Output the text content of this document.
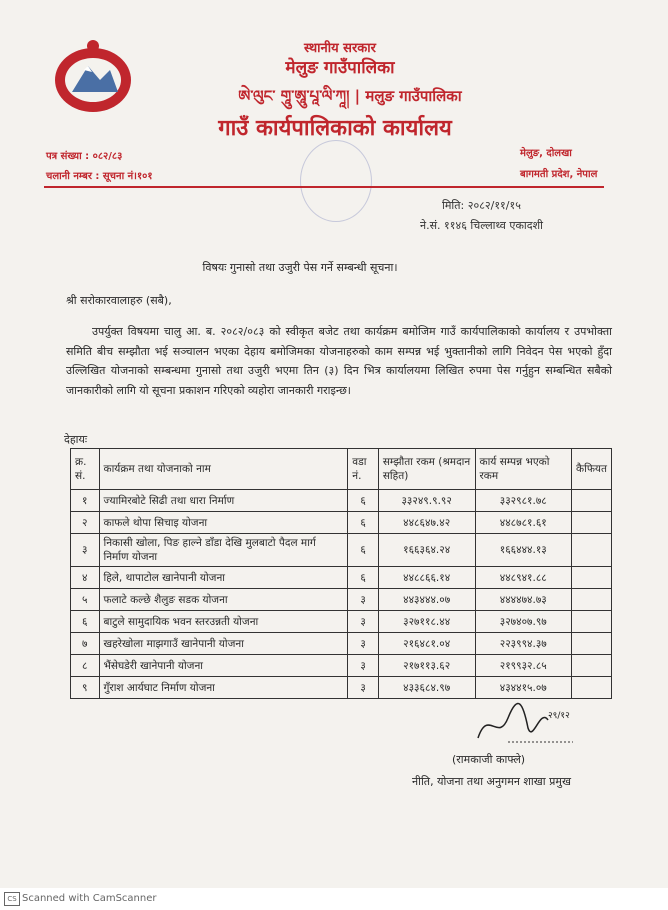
स्थानीय सरकार
मेलुङ गाउँपालिका
ཨེ་ལུང་ གཱུ་ཨཱུ་པཱ་ལི་ཀཱ། | मलुङ गाउँपालिका
गाउँ कार्यपालिकाको कार्यालय
पत्र संख्या : ०८२/८३
चलानी नम्बर : सूचना नं।१०१
मेलुङ, दोलखा
बागमती प्रदेश, नेपाल
मिति: २०८२/११/१५
ने.सं. ११४६ चिल्लाथ्व एकादशी
विषयः गुनासो तथा उजुरी पेस गर्ने सम्बन्धी सूचना।
श्री सरोकारवालाहरु (सबै),
उपर्युक्त विषयमा चालु आ. ब. २०८२/०८३ को स्वीकृत बजेट तथा कार्यक्रम बमोजिम गाउँ कार्यपालिकाको कार्यालय र उपभोक्ता समिति बीच सम्झौता भई सञ्चालन भएका देहाय बमोजिमका योजनाहरुको काम सम्पन्न भई भुक्तानीको लागि निवेदन पेस भएको हुँदा उल्लिखित योजनाको सम्बन्धमा गुनासो तथा उजुरी भएमा तिन (३) दिन भित्र कार्यालयमा लिखित रुपमा पेस गर्नुहुन सम्बन्धित सबैको जानकारीको लागि यो सूचना प्रकाशन गरिएको व्यहोरा जानकारी गराइन्छ।
देहायः
क्र. सं.	कार्यक्रम तथा योजनाको नाम	वडा नं.	सम्झौता रकम (श्रमदान सहित)	कार्य सम्पन्न भएको रकम	कैफियत
१	ज्यामिरबोटे सिढी तथा धारा निर्माण	६	३३२४९.९.९२	३३२९८१.७८	
२	काफले थोपा सिचाइ योजना	६	४४८६४७.४२	४४८७८१.६१	
३	निकासी खोला, पिङ हाल्ने डाँडा देखि मुलबाटो पैदल मार्ग निर्माण योजना	६	१६६३६४.२४	१६६४४४.१३	
४	हिले, थापाटोल खानेपानी योजना	६	४४८८६६.१४	४४८९४१.८८	
५	फलाटे कल्छे शैलुङ सडक योजना	३	४४३४४४.०७	४४४४७४.७३	
६	बाटुले सामुदायिक भवन स्तरउन्नती योजना	३	३२७११८.४४	३२७४०७.९७	
७	खहरेखोला माझगाउँ खानेपानी योजना	३	२१६४८१.०४	२२३९९४.३७	
८	भैंसेघडेरी खानेपानी योजना	३	२१७११३.६२	२१९९३२.८५	
९	गुँराश आर्यघाट निर्माण योजना	३	४३३६८४.९७	४३४४१५.०७	
२९/१२
(रामकाजी काफ्ले)
नीति, योजना तथा अनुगमन शाखा प्रमुख
CS Scanned with CamScanner
